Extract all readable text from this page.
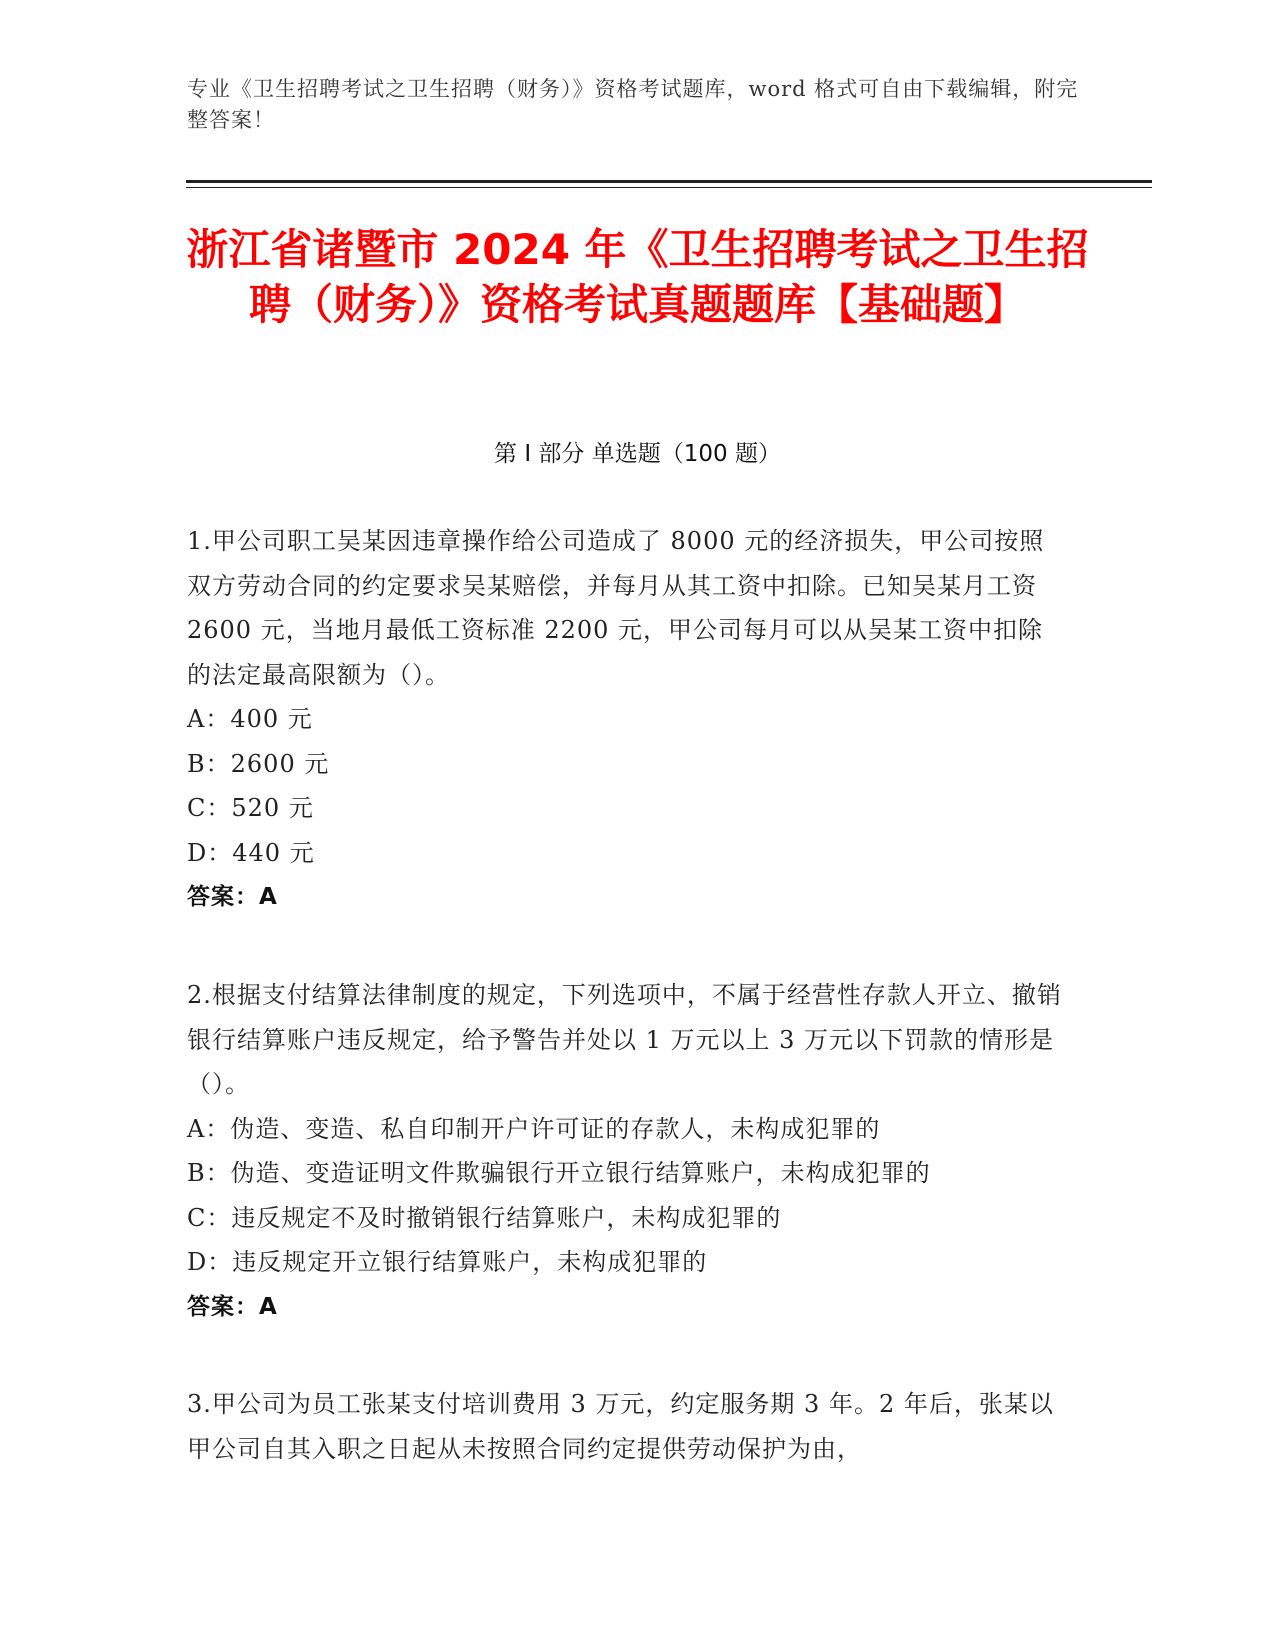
专业《卫生招聘考试之卫生招聘（财务）》资格考试题库，word 格式可自由下载编辑，附完整答案！
浙江省诸暨市 2024 年《卫生招聘考试之卫生招聘（财务）》资格考试真题题库【基础题】
第 I 部分 单选题（100 题）
1.甲公司职工吴某因违章操作给公司造成了 8000 元的经济损失，甲公司按照双方劳动合同的约定要求吴某赔偿，并每月从其工资中扣除。已知吴某月工资 2600 元，当地月最低工资标准 2200 元，甲公司每月可以从吴某工资中扣除的法定最高限额为（）。
A： 400 元
B： 2600 元
C： 520 元
D： 440 元
答案：A
2.根据支付结算法律制度的规定，下列选项中，不属于经营性存款人开立、撤销银行结算账户违反规定，给予警告并处以 1 万元以上 3 万元以下罚款的情形是（）。
A： 伪造、变造、私自印制开户许可证的存款人，未构成犯罪的
B： 伪造、变造证明文件欺骗银行开立银行结算账户，未构成犯罪的
C： 违反规定不及时撤销银行结算账户，未构成犯罪的
D： 违反规定开立银行结算账户，未构成犯罪的
答案：A
3.甲公司为员工张某支付培训费用 3 万元，约定服务期 3 年。2 年后，张某以甲公司自其入职之日起从未按照合同约定提供劳动保护为由，
